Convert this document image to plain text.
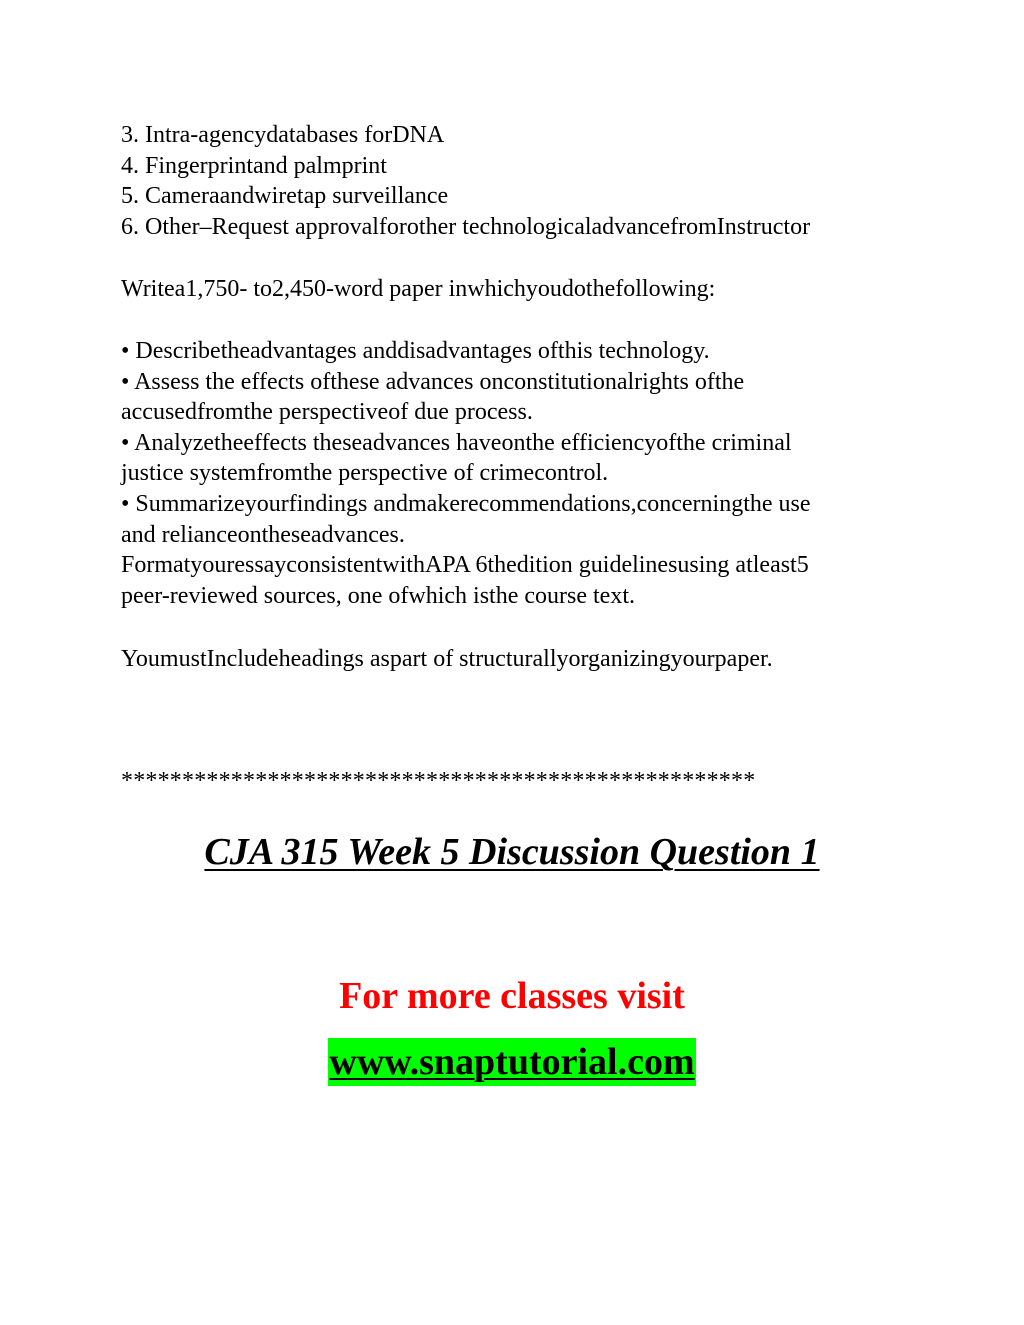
3. Intra-agencydatabases forDNA
4. Fingerprintand palmprint
5. Cameraandwiretap surveillance
6. Other–Request approvalforother technologicaladvancefromInstructor
Writea1,750- to2,450-word paper inwhichyoudothefollowing:
• Describetheadvantages anddisadvantages ofthis technology.
• Assess the effects ofthese advances onconstitutionalrights ofthe
accusedfromthe perspectiveof due process.
• Analyzetheeffects theseadvances haveonthe efficiencyofthe criminal
justice systemfromthe perspective of crimecontrol.
• Summarizeyourfindings andmakerecommendations,concerningthe use
and relianceontheseadvances.
FormatyouressayconsistentwithAPA 6thedition guidelinesusing atleast5
peer-reviewed sources, one ofwhich isthe course text.
YoumustIncludeheadings aspart of structurallyorganizingyourpaper.
****************************************************
CJA 315 Week 5 Discussion Question 1
For more classes visit
www.snaptutorial.com
